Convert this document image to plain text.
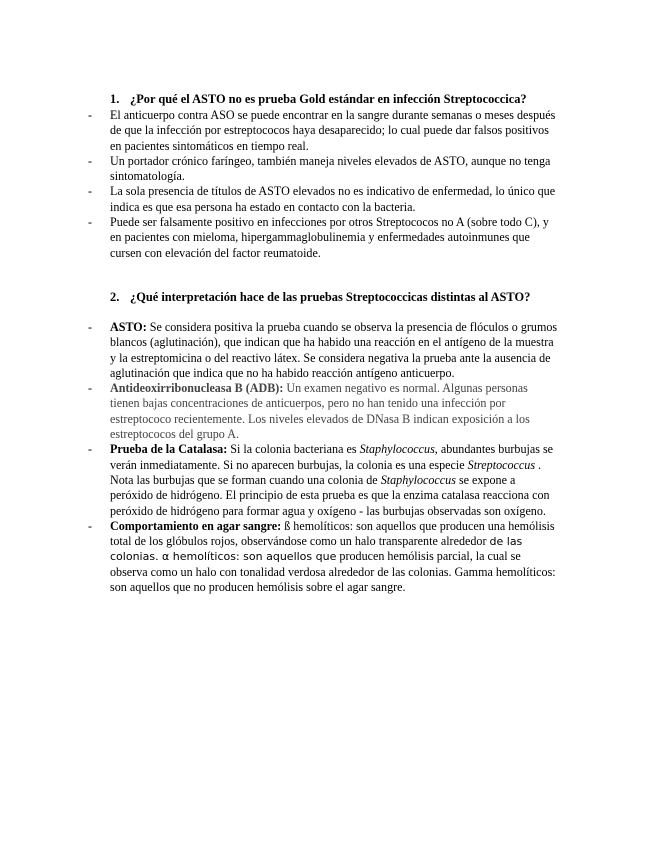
1. ¿Por qué el ASTO no es prueba Gold estándar en infección Streptococcica?
-	El anticuerpo contra ASO se puede encontrar en la sangre durante semanas o meses después de que la infección por estreptococos haya desaparecido; lo cual puede dar falsos positivos en pacientes sintomáticos en tiempo real.
-	Un portador crónico faríngeo, también maneja niveles elevados de ASTO, aunque no tenga sintomatología.
-	La sola presencia de títulos de ASTO elevados no es indicativo de enfermedad, lo único que indica es que esa persona ha estado en contacto con la bacteria.
-	Puede ser falsamente positivo en infecciones por otros Streptococos no A (sobre todo C), y en pacientes con mieloma, hipergammaglobulinemia y enfermedades autoinmunes que cursen con elevación del factor reumatoide.
2. ¿Qué interpretación hace de las pruebas Streptococcicas distintas al ASTO?
-	ASTO: Se considera positiva la prueba cuando se observa la presencia de flóculos o grumos blancos (aglutinación), que indican que ha habido una reacción en el antígeno de la muestra y la estreptomicina o del reactivo látex. Se considera negativa la prueba ante la ausencia de aglutinación que indica que no ha habido reacción antígeno anticuerpo.
-	Antideoxirribonucleasa B (ADB): Un examen negativo es normal. Algunas personas tienen bajas concentraciones de anticuerpos, pero no han tenido una infección por estreptococo recientemente. Los niveles elevados de DNasa B indican exposición a los estreptococos del grupo A.
-	Prueba de la Catalasa: Si la colonia bacteriana es Staphylococcus, abundantes burbujas se verán inmediatamente. Si no aparecen burbujas, la colonia es una especie Streptococcus . Nota las burbujas que se forman cuando una colonia de Staphylococcus se expone a peróxido de hidrógeno. El principio de esta prueba es que la enzima catalasa reacciona con peróxido de hidrógeno para formar agua y oxígeno - las burbujas observadas son oxígeno.
-	Comportamiento en agar sangre: ß hemolíticos: son aquellos que producen una hemólisis total de los glóbulos rojos, observándose como un halo transparente alrededor de las colonias. α hemolíticos: son aquellos que producen hemólisis parcial, la cual se observa como un halo con tonalidad verdosa alrededor de las colonias. Gamma hemolíticos: son aquellos que no producen hemólisis sobre el agar sangre.
